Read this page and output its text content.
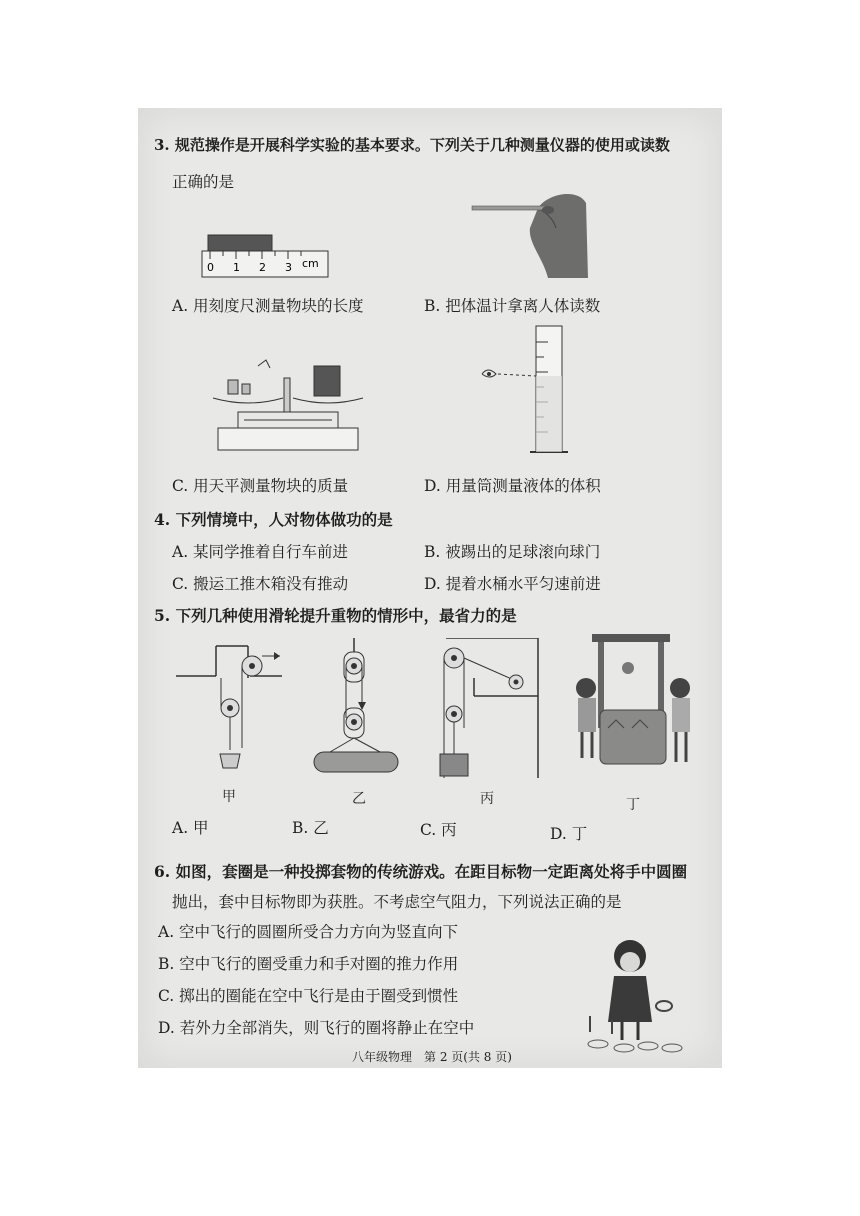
3. 规范操作是开展科学实验的基本要求。下列关于几种测量仪器的使用或读数
正确的是
0 1 2 3 cm
A. 用刻度尺测量物块的长度	B. 把体温计拿离人体读数
C. 用天平测量物块的质量	D. 用量筒测量液体的体积
4. 下列情境中，人对物体做功的是
A. 某同学推着自行车前进	B. 被踢出的足球滚向球门
C. 搬运工推木箱没有推动	D. 提着水桶水平匀速前进
5. 下列几种使用滑轮提升重物的情形中，最省力的是
甲	乙	丙	丁
A. 甲	B. 乙	C. 丙	D. 丁
6. 如图，套圈是一种投掷套物的传统游戏。在距目标物一定距离处将手中圆圈
抛出，套中目标物即为获胜。不考虑空气阻力，下列说法正确的是
A. 空中飞行的圆圈所受合力方向为竖直向下
B. 空中飞行的圈受重力和手对圈的推力作用
C. 掷出的圈能在空中飞行是由于圈受到惯性
D. 若外力全部消失，则飞行的圈将静止在空中
八年级物理　第 2 页(共 8 页)
